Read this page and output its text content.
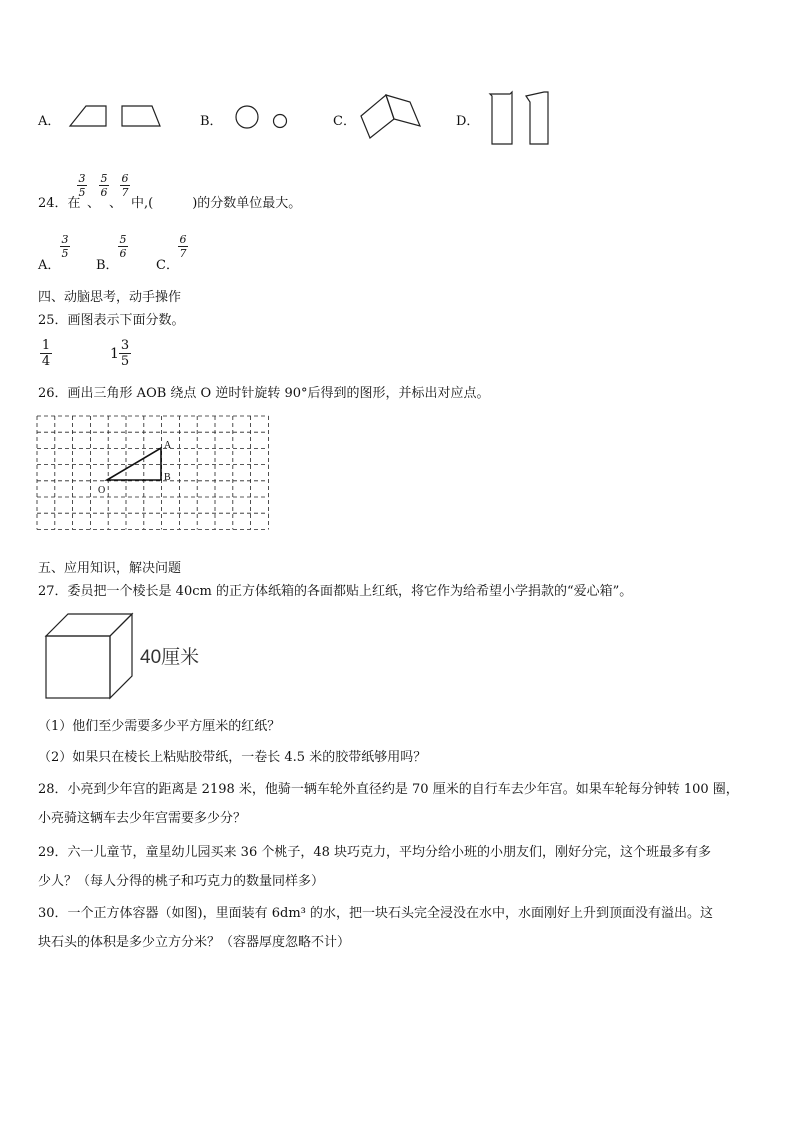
A．	B．	C．	D．
24．在
3
5
、
5
6
、
6
7
中,(　　　)的分数单位最大。
A．
3
5
B．
5
6
C．
6
7
四、动脑思考，动手操作
25．画图表示下面分数。
1
4	1
3
5
26．画出三角形 AOB 绕点 O 逆时针旋转 90°后得到的图形，并标出对应点。
A
B
O
五、应用知识，解决问题
27．委员把一个棱长是 40cm 的正方体纸箱的各面都贴上红纸，将它作为给希望小学捐款的“爱心箱”。
40厘米
（1）他们至少需要多少平方厘米的红纸？
（2）如果只在棱长上粘贴胶带纸，一卷长 4.5 米的胶带纸够用吗？
28．小亮到少年宫的距离是 2198 米，他骑一辆车轮外直径约是 70 厘米的自行车去少年宫。如果车轮每分钟转 100 圈，
小亮骑这辆车去少年宫需要多少分？
29．六一儿童节，童星幼儿园买来 36 个桃子，48 块巧克力，平均分给小班的小朋友们，刚好分完，这个班最多有多
少人？（每人分得的桃子和巧克力的数量同样多）
30．一个正方体容器（如图)，里面装有 6dm³ 的水，把一块石头完全浸没在水中，水面刚好上升到顶面没有溢出。这
块石头的体积是多少立方分米？（容器厚度忽略不计）
